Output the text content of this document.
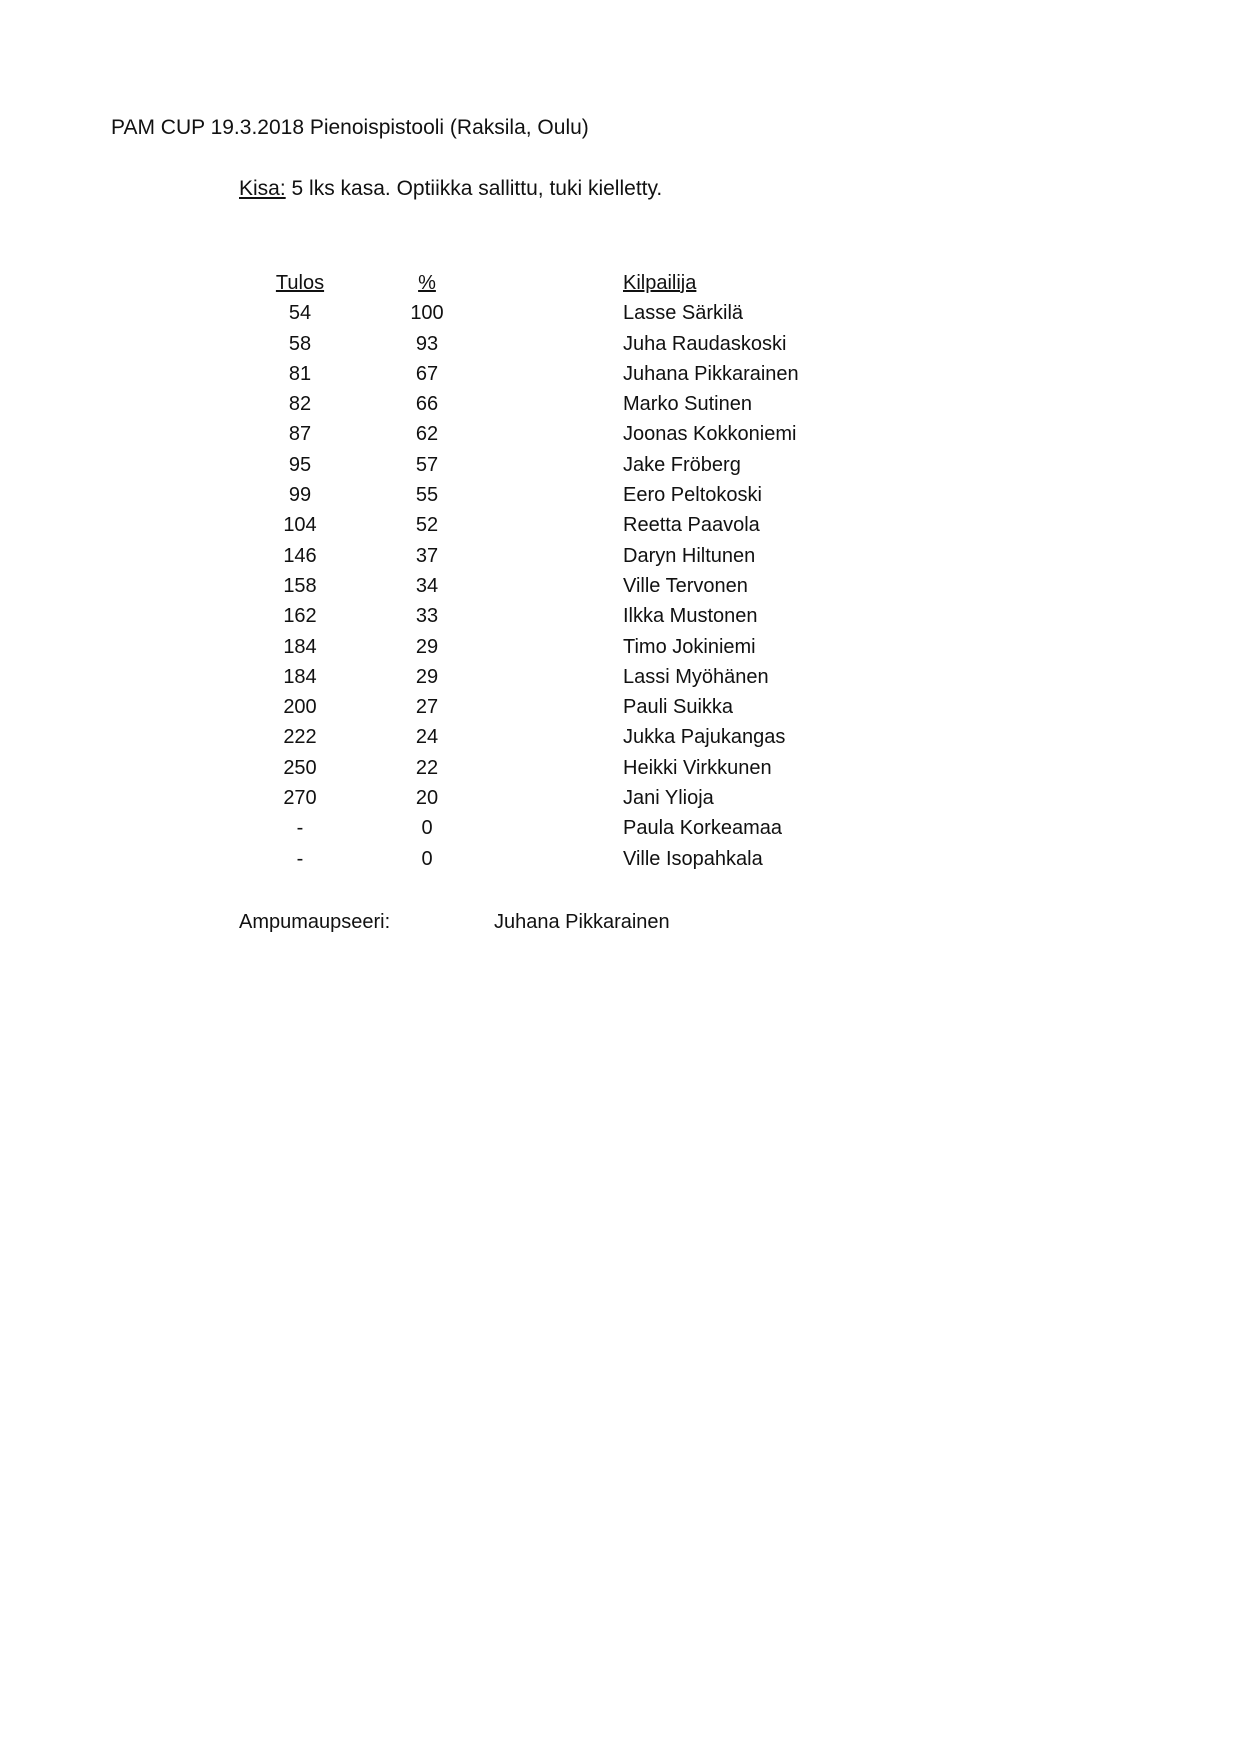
PAM CUP 19.3.2018 Pienoispistooli (Raksila, Oulu)
Kisa: 5 lks kasa. Optiikka sallittu, tuki kielletty.
Tulos	%	Kilpailija
54	100	Lasse Särkilä
58	93	Juha Raudaskoski
81	67	Juhana Pikkarainen
82	66	Marko Sutinen
87	62	Joonas Kokkoniemi
95	57	Jake Fröberg
99	55	Eero Peltokoski
104	52	Reetta Paavola
146	37	Daryn Hiltunen
158	34	Ville Tervonen
162	33	Ilkka Mustonen
184	29	Timo Jokiniemi
184	29	Lassi Myöhänen
200	27	Pauli Suikka
222	24	Jukka Pajukangas
250	22	Heikki Virkkunen
270	20	Jani Ylioja
-	0	Paula Korkeamaa
-	0	Ville Isopahkala
Ampumaupseeri:	Juhana Pikkarainen
